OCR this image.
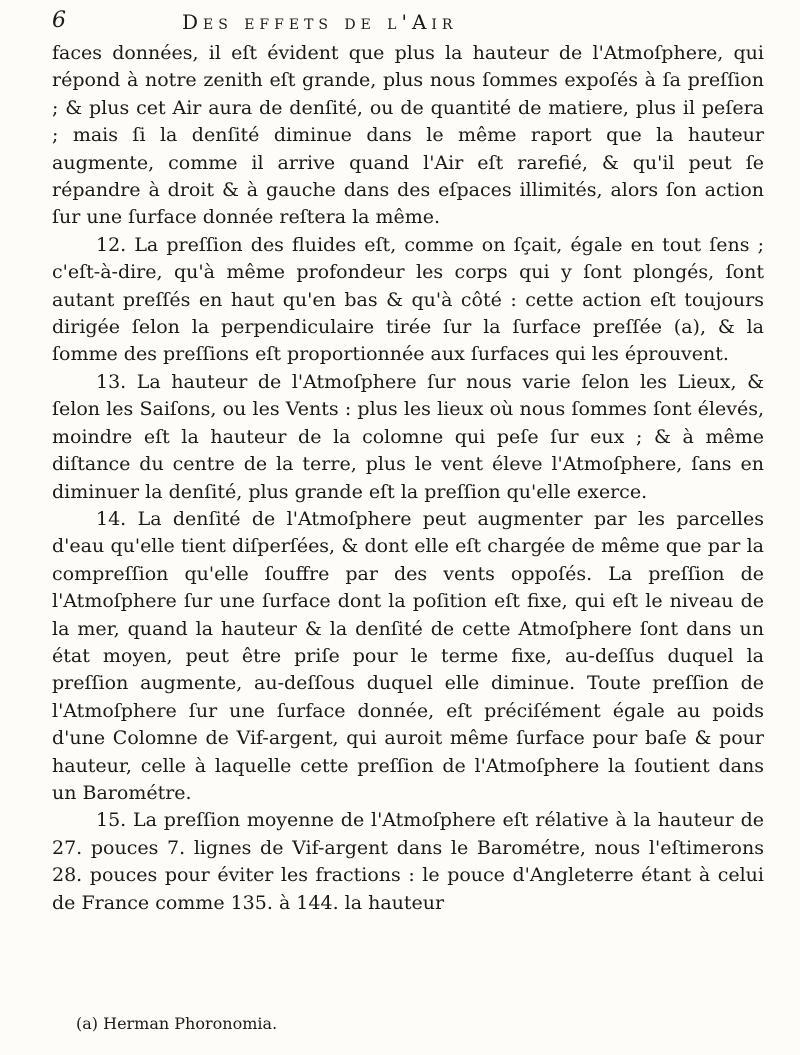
6	Des effets de l'Air

faces données, il eſt évident que plus la hauteur de l'Atmoſphere, qui répond à notre zenith eſt grande, plus nous ſommes expoſés à ſa preſſion ; & plus cet Air aura de denſité, ou de quantité de matiere, plus il peſera ; mais ſi la denſité diminue dans le même raport que la hauteur augmente, comme il arrive quand l'Air eſt rarefié, & qu'il peut ſe répandre à droit & à gauche dans des eſpaces illimités, alors ſon action ſur une ſurface donnée reſtera la même.

12. La preſſion des fluides eſt, comme on ſçait, égale en tout ſens ; c'eſt-à-dire, qu'à même profondeur les corps qui y ſont plongés, ſont autant preſſés en haut qu'en bas & qu'à côté : cette action eſt toujours dirigée ſelon la perpendiculaire tirée ſur la ſurface preſſée (a), & la ſomme des preſſions eſt proportionnée aux ſurfaces qui les éprouvent.

13. La hauteur de l'Atmoſphere ſur nous varie ſelon les Lieux, & ſelon les Saiſons, ou les Vents : plus les lieux où nous ſommes ſont élevés, moindre eſt la hauteur de la colomne qui peſe ſur eux ; & à même diſtance du centre de la terre, plus le vent éleve l'Atmoſphere, ſans en diminuer la denſité, plus grande eſt la preſſion qu'elle exerce.

14. La denſité de l'Atmoſphere peut augmenter par les parcelles d'eau qu'elle tient diſperſées, & dont elle eſt chargée de même que par la compreſſion qu'elle ſouffre par des vents oppoſés. La preſſion de l'Atmoſphere ſur une ſurface dont la poſition eſt fixe, qui eſt le niveau de la mer, quand la hauteur & la denſité de cette Atmoſphere ſont dans un état moyen, peut être priſe pour le terme fixe, au-deſſus duquel la preſſion augmente, au-deſſous duquel elle diminue. Toute preſſion de l'Atmoſphere ſur une ſurface donnée, eſt préciſément égale au poids d'une Colomne de Vif-argent, qui auroit même ſurface pour baſe & pour hauteur, celle à laquelle cette preſſion de l'Atmoſphere la ſoutient dans un Barométre.

15. La preſſion moyenne de l'Atmoſphere eſt rélative à la hauteur de 27. pouces 7. lignes de Vif-argent dans le Barométre, nous l'eſtimerons 28. pouces pour éviter les fractions : le pouce d'Angleterre étant à celui de France comme 135. à 144. la hauteur

(a) Herman Phoronomia.
